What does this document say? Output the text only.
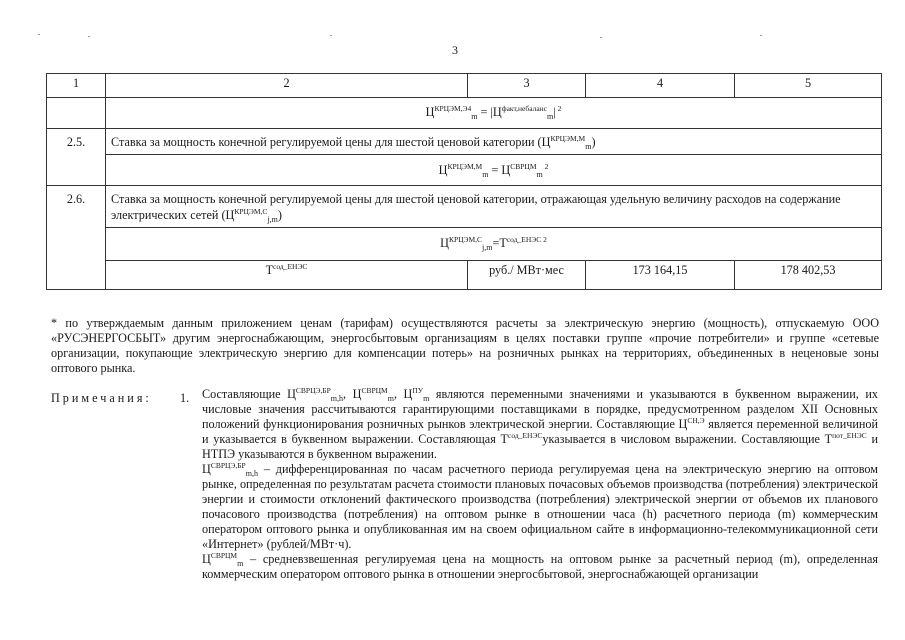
3
1	2	3	4	5
	$Ц^{КРЦЭМ,Э4}_m = |Ц^{факт,небаланс}_m|$ $^2$
2.5.	Ставка за мощность конечной регулируемой цены для шестой ценовой категории $(Ц^{КРЦЭМ,М}_m)$			
	$Ц^{КРЦЭМ,М}_m = Ц^{СВРЦМ}_m$ $^2$
2.6.	Ставка за мощность конечной регулируемой цены для шестой ценовой категории, отражающая удельную величину расходов на содержание электрических сетей $(Ц^{КРЦЭМ,С}_{j,m})$			
	$Ц^{КРЦЭМ,С}_{j,m}=Т^{сод\_ЕНЭС}$ $^2$
	$Т^{сод\_ЕНЭС}$	руб./ МВт·мес	173 164,15	178 402,53
* по утверждаемым данным приложением ценам (тарифам) осуществляются расчеты за электрическую энергию (мощность), отпускаемую ООО «РУСЭНЕРГОСБЫТ» другим энергоснабжающим, энергосбытовым организациям в целях поставки группе «прочие потребители» и группе «сетевые организации, покупающие электрическую энергию для компенсации потерь» на розничных рынках на территориях, объединенных в неценовые зоны оптового рынка.
Примечания: 1. Составляющие $Ц^{СВРЦЭ,БР}_{m,h}$, $Ц^{СВРЦМ}_m$, $Ц^{ПУ}_m$ являются переменными значениями и указываются в буквенном выражении, их числовые значения рассчитываются гарантирующими поставщиками в порядке, предусмотренном разделом XII Основных положений функционирования розничных рынков электрической энергии. Составляющие $Ц^{СН,Э}$ является переменной величиной и указывается в буквенном выражении. Составляющая $Т^{сод\_ЕНЭС}указывается$ в числовом выражении. Составляющие $Т^{пот\_ЕНЭС}$ и НТПЭ указываются в буквенном выражении.

$Ц^{СВРЦЭ,БР}_{m,h}$ – дифференцированная по часам расчетного периода регулируемая цена на электрическую энергию на оптовом рынке, определенная по результатам расчета стоимости плановых почасовых объемов производства (потребления) электрической энергии и стоимости отклонений фактического производства (потребления) электрической энергии от объемов их планового почасового производства (потребления) на оптовом рынке в отношении часа (h) расчетного периода (m) коммерческим оператором оптового рынка и опубликованная им на своем официальном сайте в информационно-телекоммуникационной сети «Интернет» (рублей/МВт·ч).

$Ц^{СВРЦМ}_m$ – средневзвешенная регулируемая цена на мощность на оптовом рынке за расчетный период (m), определенная коммерческим оператором оптового рынка в отношении энергосбытовой, энергоснабжающей организации
